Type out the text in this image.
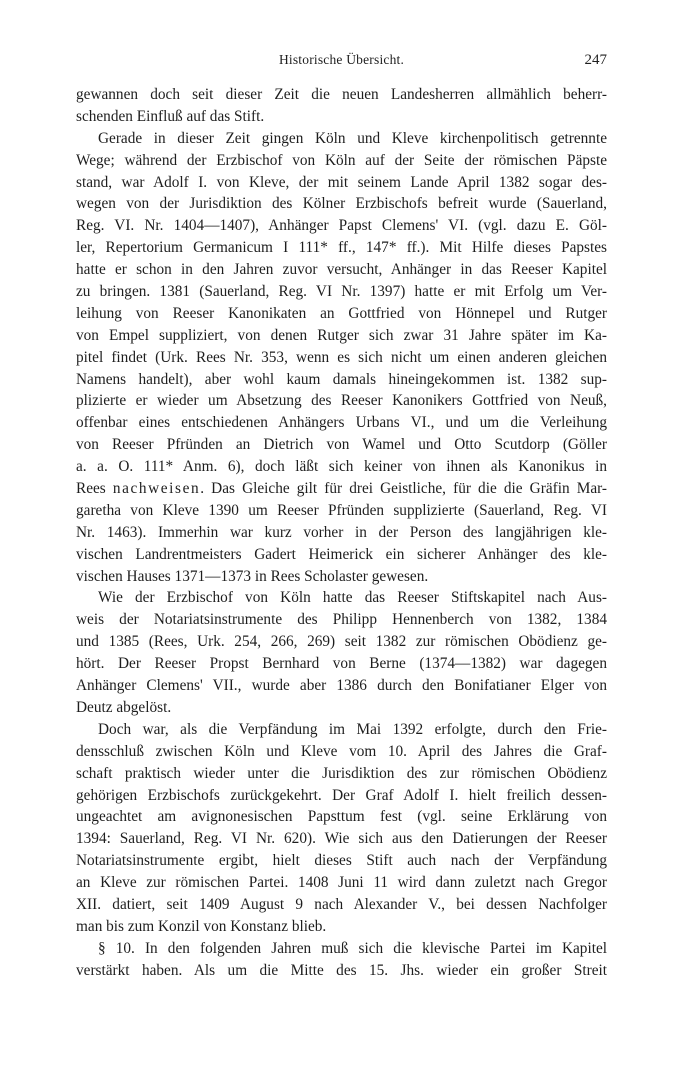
Historische Übersicht.	247
gewannen doch seit dieser Zeit die neuen Landesherren allmählich beherr-
schenden Einfluß auf das Stift.
Gerade in dieser Zeit gingen Köln und Kleve kirchenpolitisch getrennte
Wege; während der Erzbischof von Köln auf der Seite der römischen Päpste
stand, war Adolf I. von Kleve, der mit seinem Lande April 1382 sogar des-
wegen von der Jurisdiktion des Kölner Erzbischofs befreit wurde (Sauerland,
Reg. VI. Nr. 1404—1407), Anhänger Papst Clemens' VI. (vgl. dazu E. Göl-
ler, Repertorium Germanicum I 111* ff., 147* ff.). Mit Hilfe dieses Papstes
hatte er schon in den Jahren zuvor versucht, Anhänger in das Reeser Kapitel
zu bringen. 1381 (Sauerland, Reg. VI Nr. 1397) hatte er mit Erfolg um Ver-
leihung von Reeser Kanonikaten an Gottfried von Hönnepel und Rutger
von Empel suppliziert, von denen Rutger sich zwar 31 Jahre später im Ka-
pitel findet (Urk. Rees Nr. 353, wenn es sich nicht um einen anderen gleichen
Namens handelt), aber wohl kaum damals hineingekommen ist. 1382 sup-
plizierte er wieder um Absetzung des Reeser Kanonikers Gottfried von Neuß,
offenbar eines entschiedenen Anhängers Urbans VI., und um die Verleihung
von Reeser Pfründen an Dietrich von Wamel und Otto Scutdorp (Göller
a. a. O. 111* Anm. 6), doch läßt sich keiner von ihnen als Kanonikus in
Rees nachweisen. Das Gleiche gilt für drei Geistliche, für die die Gräfin Mar-
garetha von Kleve 1390 um Reeser Pfründen supplizierte (Sauerland, Reg. VI
Nr. 1463). Immerhin war kurz vorher in der Person des langjährigen kle-
vischen Landrentmeisters Gadert Heimerick ein sicherer Anhänger des kle-
vischen Hauses 1371—1373 in Rees Scholaster gewesen.
Wie der Erzbischof von Köln hatte das Reeser Stiftskapitel nach Aus-
weis der Notariatsinstrumente des Philipp Hennenberch von 1382, 1384
und 1385 (Rees, Urk. 254, 266, 269) seit 1382 zur römischen Obödienz ge-
hört. Der Reeser Propst Bernhard von Berne (1374—1382) war dagegen
Anhänger Clemens' VII., wurde aber 1386 durch den Bonifatianer Elger von
Deutz abgelöst.
Doch war, als die Verpfändung im Mai 1392 erfolgte, durch den Frie-
densschluß zwischen Köln und Kleve vom 10. April des Jahres die Graf-
schaft praktisch wieder unter die Jurisdiktion des zur römischen Obödienz
gehörigen Erzbischofs zurückgekehrt. Der Graf Adolf I. hielt freilich dessen-
ungeachtet am avignonesischen Papsttum fest (vgl. seine Erklärung von
1394: Sauerland, Reg. VI Nr. 620). Wie sich aus den Datierungen der Reeser
Notariatsinstrumente ergibt, hielt dieses Stift auch nach der Verpfändung
an Kleve zur römischen Partei. 1408 Juni 11 wird dann zuletzt nach Gregor
XII. datiert, seit 1409 August 9 nach Alexander V., bei dessen Nachfolger
man bis zum Konzil von Konstanz blieb.
§ 10. In den folgenden Jahren muß sich die klevische Partei im Kapitel
verstärkt haben. Als um die Mitte des 15. Jhs. wieder ein großer Streit
